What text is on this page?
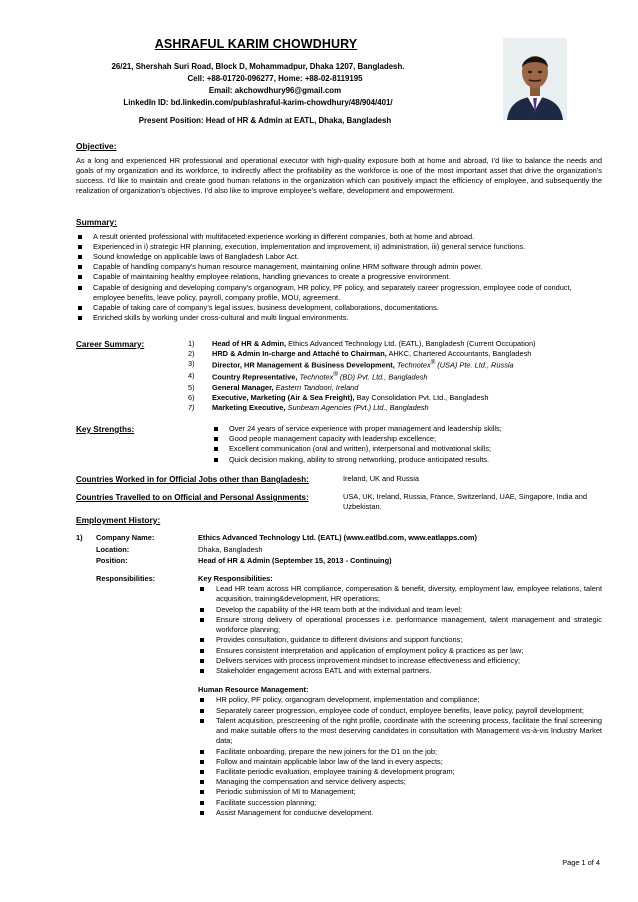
ASHRAFUL KARIM CHOWDHURY
26/21, Shershah Suri Road, Block D, Mohammadpur, Dhaka 1207, Bangladesh.
Cell: +88-01720-096277, Home: +88-02-8119195
Email: akchowdhury96@gmail.com
LinkedIn ID: bd.linkedin.com/pub/ashraful-karim-chowdhury/48/904/401/
Present Position: Head of HR & Admin at EATL, Dhaka, Bangladesh
Objective:
As a long and experienced HR professional and operational executor with high-quality exposure both at home and abroad, I’d like to balance the needs and goals of my organization and its workforce, to indirectly affect the profitability as the workforce is one of the most important asset that drive the organization’s success. I’d like to maintain and create good human relations in the organization which can positively impact the efficiency of employee, and subsequently the realization of organization’s objectives. I’d also like to improve employee’s welfare, development and empowerment.
Summary:
A result oriented professional with multifaceted experience working in different companies, both at home and abroad.
Experienced in i) strategic HR planning, execution, implementation and improvement, ii) administration, iii) general service functions.
Sound knowledge on applicable laws of Bangladesh Labor Act.
Capable of handling company’s human resource management, maintaining online HRM software through admin power.
Capable of maintaining healthy employee relations, handling grievances to create a progressive environment.
Capable of designing and developing company’s organogram, HR policy, PF policy, and separately career progression, employee code of conduct, employee benefits, leave policy, payroll, company profile, MOU, agreement.
Capable of taking care of company’s legal issues, business development, collaborations, documentations.
Enriched skills by working under cross-cultural and multi lingual environments.
Career Summary:	1) Head of HR & Admin, Ethics Advanced Technology Ltd. (EATL), Bangladesh (Current Occupation)
2) HRD & Admin In-charge and Attaché to Chairman, AHKC, Chartered Accountants, Bangladesh
3) Director, HR Management & Business Development, Technotex® (USA) Pte. Ltd., Russia
4) Country Representative, Technotex® (BD) Pvt. Ltd., Bangladesh
5) General Manager, Eastern Tandoori, Ireland
6) Executive, Marketing (Air & Sea Freight), Bay Consolidation Pvt. Ltd., Bangladesh
7) Marketing Executive, Sunbeam Agencies (Pvt.) Ltd., Bangladesh
Key Strengths:	Over 24 years of service experience with proper management and leadership skills;
Good people management capacity with leadership excellence;
Excellent communication (oral and written), interpersonal and motivational skills;
Quick decision making, ability to strong networking, produce anticipated results.
Countries Worked in for Official Jobs other than Bangladesh:	Ireland, UK and Russia
Countries Travelled to on Official and Personal Assignments:	USA, UK, Ireland, Russia, France, Switzerland, UAE, Singapore, India and Uzbekistan.
Employment History:
1) Company Name:	Ethics Advanced Technology Ltd. (EATL) (www.eatlbd.com, www.eatlapps.com)
Location:	Dhaka, Bangladesh
Position:	Head of HR & Admin (September 15, 2013 - Continuing)
Responsibilities:	Key Responsibilities:
Lead HR team across HR compliance, compensation & benefit, diversity, employment law, employee relations, talent acquisition, training&development, HR operations;
Develop the capability of the HR team both at the individual and team level;
Ensure strong delivery of operational processes i.e. performance management, talent management and strategic workforce planning;
Provides consultation, guidance to different divisions and support functions;
Ensures consistent interpretation and application of employment policy & practices as per law;
Delivers services with process improvement mindset to increase effectiveness and efficiency;
Stakeholder engagement across EATL and with external partners.
Human Resource Management:
HR policy, PF policy, organogram development, implementation and compliance;
Separately career progression, employee code of conduct, employee benefits, leave policy, payroll development;
Talent acquisition, prescreening of the right profile, coordinate with the screening process, facilitate the final screening and make suitable offers to the most deserving candidates in consultation with Management vis-à-vis Industry Market data;
Facilitate onboarding, prepare the new joiners for the D1 on the job;
Follow and maintain applicable labor law of the land in every aspects;
Facilitate periodic evaluation, employee training & development program;
Managing the compensation and service delivery aspects;
Periodic submission of MI to Management;
Facilitate succession planning;
Assist Management for conducive development.
Page 1 of 4
